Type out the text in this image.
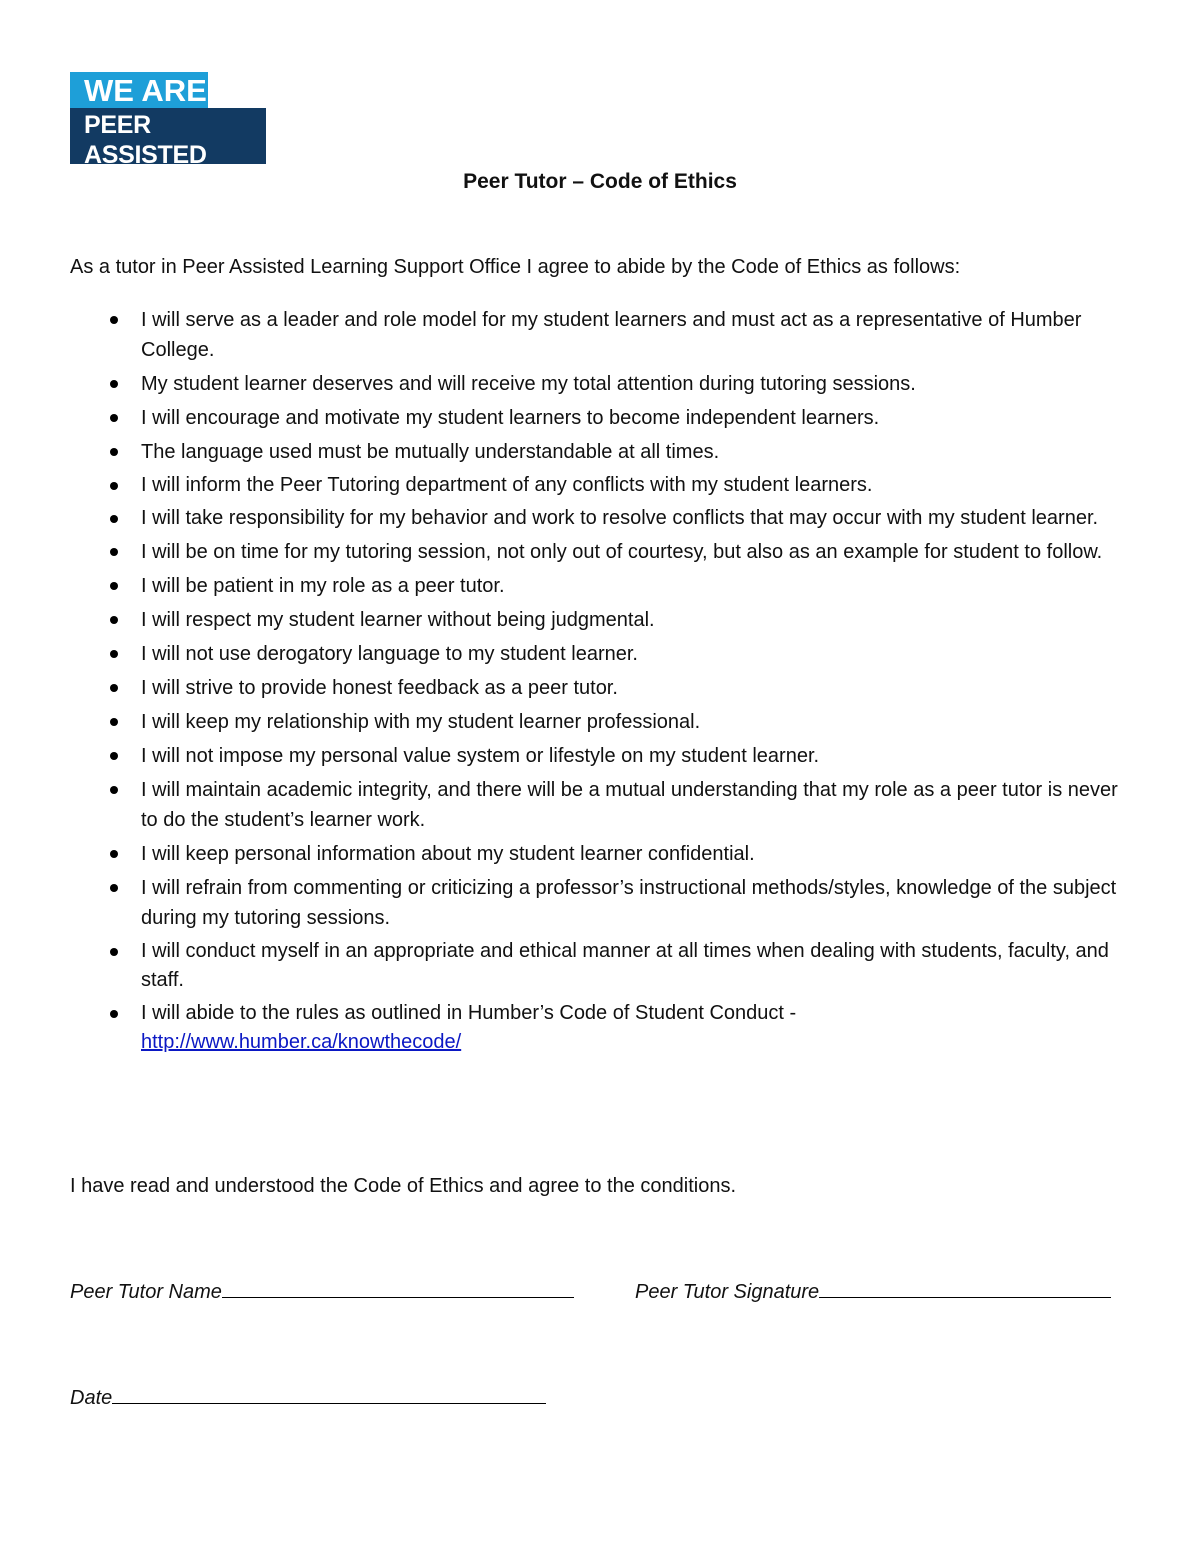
WE ARE
PEER ASSISTED
LEARNING SUPPORT
Peer Tutor – Code of Ethics
As a tutor in Peer Assisted Learning Support Office I agree to abide by the Code of Ethics as follows:
I will serve as a leader and role model for my student learners and must act as a representative of Humber College.
My student learner deserves and will receive my total attention during tutoring sessions.
I will encourage and motivate my student learners to become independent learners.
The language used must be mutually understandable at all times.
I will inform the Peer Tutoring department of any conflicts with my student learners.
I will take responsibility for my behavior and work to resolve conflicts that may occur with my student learner.
I will be on time for my tutoring session, not only out of courtesy, but also as an example for student to follow.
I will be patient in my role as a peer tutor.
I will respect my student learner without being judgmental.
I will not use derogatory language to my student learner.
I will strive to provide honest feedback as a peer tutor.
I will keep my relationship with my student learner professional.
I will not impose my personal value system or lifestyle on my student learner.
I will maintain academic integrity, and there will be a mutual understanding that my role as a peer tutor is never to do the student’s learner work.
I will keep personal information about my student learner confidential.
I will refrain from commenting or criticizing a professor’s instructional methods/styles, knowledge of the subject during my tutoring sessions.
I will conduct myself in an appropriate and ethical manner at all times when dealing with students, faculty, and staff.
I will abide to the rules as outlined in Humber’s Code of Student Conduct -
http://www.humber.ca/knowthecode/
I have read and understood the Code of Ethics and agree to the conditions.
Peer Tutor Name	Peer Tutor Signature
Date
